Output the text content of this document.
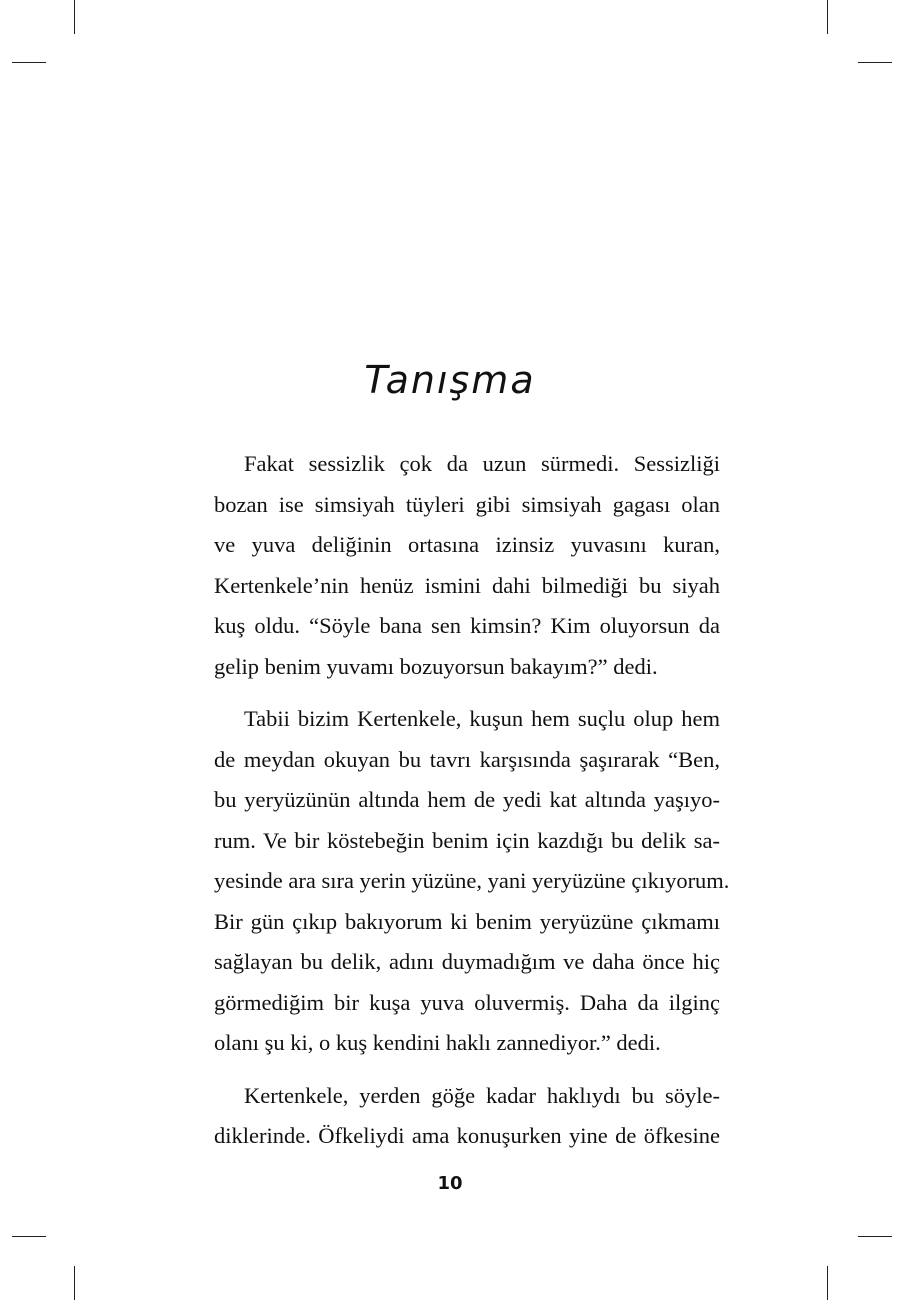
Tanışma

Fakat sessizlik çok da uzun sürmedi. Sessizliği
bozan ise simsiyah tüyleri gibi simsiyah gagası olan
ve yuva deliğinin ortasına izinsiz yuvasını kuran,
Kertenkele’nin henüz ismini dahi bilmediği bu siyah
kuş oldu. “Söyle bana sen kimsin? Kim oluyorsun da
gelip benim yuvamı bozuyorsun bakayım?” dedi.

Tabii bizim Kertenkele, kuşun hem suçlu olup hem
de meydan okuyan bu tavrı karşısında şaşırarak “Ben,
bu yeryüzünün altında hem de yedi kat altında yaşıyo-
rum. Ve bir köstebeğin benim için kazdığı bu delik sa-
yesinde ara sıra yerin yüzüne, yani yeryüzüne çıkıyorum.
Bir gün çıkıp bakıyorum ki benim yeryüzüne çıkmamı
sağlayan bu delik, adını duymadığım ve daha önce hiç
görmediğim bir kuşa yuva oluvermiş. Daha da ilginç
olanı şu ki, o kuş kendini haklı zannediyor.” dedi.

Kertenkele, yerden göğe kadar haklıydı bu söyle-
diklerinde. Öfkeliydi ama konuşurken yine de öfkesine

10
